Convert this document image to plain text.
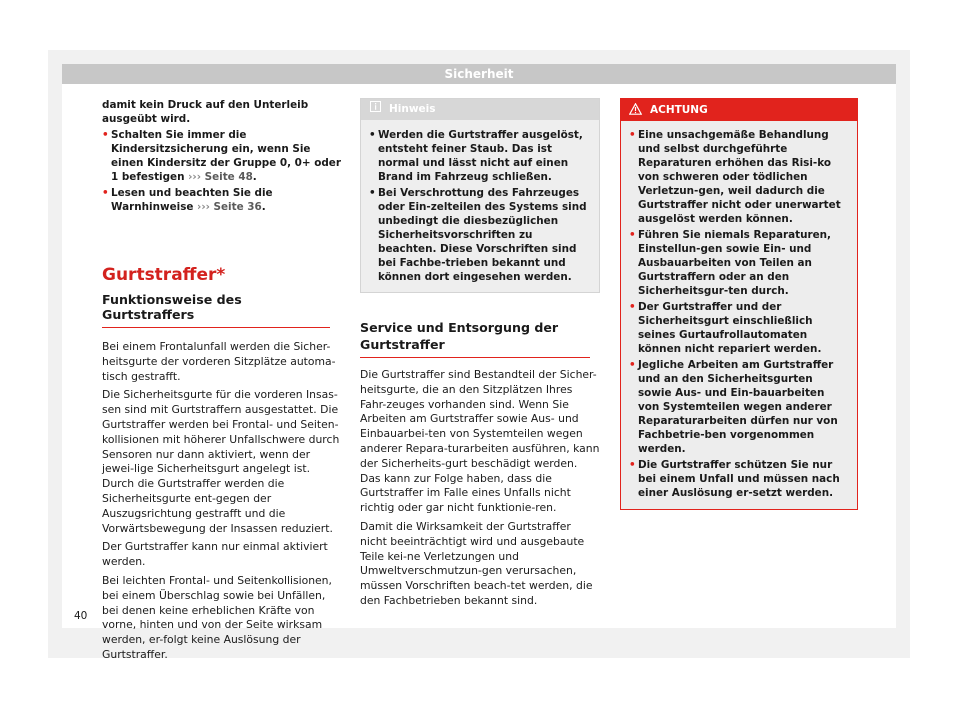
Sicherheit
damit kein Druck auf den Unterleib ausgeübt wird.
• Schalten Sie immer die Kindersitzsicherung ein, wenn Sie einen Kindersitz der Gruppe 0, 0+ oder 1 befestigen ››› Seite 48.
• Lesen und beachten Sie die Warnhinweise ››› Seite 36.
Gurtstraffer*
Funktionsweise des Gurtstraffers

Bei einem Frontalunfall werden die Sicher-heitsgurte der vorderen Sitzplätze automa-tisch gestrafft.

Die Sicherheitsgurte für die vorderen Insas-sen sind mit Gurtstraffern ausgestattet. Die Gurtstraffer werden bei Frontal- und Seiten-kollisionen mit höherer Unfallschwere durch Sensoren nur dann aktiviert, wenn der jewei-lige Sicherheitsgurt angelegt ist. Durch die Gurtstraffer werden die Sicherheitsgurte ent-gegen der Auszugsrichtung gestrafft und die Vorwärtsbewegung der Insassen reduziert.

Der Gurtstraffer kann nur einmal aktiviert werden.

Bei leichten Frontal- und Seitenkollisionen, bei einem Überschlag sowie bei Unfällen, bei denen keine erheblichen Kräfte von vorne, hinten und von der Seite wirksam werden, er-folgt keine Auslösung der Gurtstraffer.

Hinweis
• Werden die Gurtstraffer ausgelöst, entsteht feiner Staub. Das ist normal und lässt nicht auf einen Brand im Fahrzeug schließen.
• Bei Verschrottung des Fahrzeuges oder Ein-zelteilen des Systems sind unbedingt die diesbezüglichen Sicherheitsvorschriften zu beachten. Diese Vorschriften sind bei Fachbe-trieben bekannt und können dort eingesehen werden.
Service und Entsorgung der Gurtstraffer

Die Gurtstraffer sind Bestandteil der Sicher-heitsgurte, die an den Sitzplätzen Ihres Fahr-zeuges vorhanden sind. Wenn Sie Arbeiten am Gurtstraffer sowie Aus- und Einbauarbei-ten von Systemteilen wegen anderer Repara-turarbeiten ausführen, kann der Sicherheits-gurt beschädigt werden. Das kann zur Folge haben, dass die Gurtstraffer im Falle eines Unfalls nicht richtig oder gar nicht funktionie-ren.

Damit die Wirksamkeit der Gurtstraffer nicht beeinträchtigt wird und ausgebaute Teile kei-ne Verletzungen und Umweltverschmutzun-gen verursachen, müssen Vorschriften beach-tet werden, die den Fachbetrieben bekannt sind.

ACHTUNG
• Eine unsachgemäße Behandlung und selbst durchgeführte Reparaturen erhöhen das Risi-ko von schweren oder tödlichen Verletzun-gen, weil dadurch die Gurtstraffer nicht oder unerwartet ausgelöst werden können.
• Führen Sie niemals Reparaturen, Einstellun-gen sowie Ein- und Ausbauarbeiten von Teilen an Gurtstraffern oder an den Sicherheitsgur-ten durch.
• Der Gurtstraffer und der Sicherheitsgurt einschließlich seines Gurtaufrollautomaten können nicht repariert werden.
• Jegliche Arbeiten am Gurtstraffer und an den Sicherheitsgurten sowie Aus- und Ein-bauarbeiten von Systemteilen wegen anderer Reparaturarbeiten dürfen nur von Fachbetrie-ben vorgenommen werden.
• Die Gurtstraffer schützen Sie nur bei einem Unfall und müssen nach einer Auslösung er-setzt werden.
40
